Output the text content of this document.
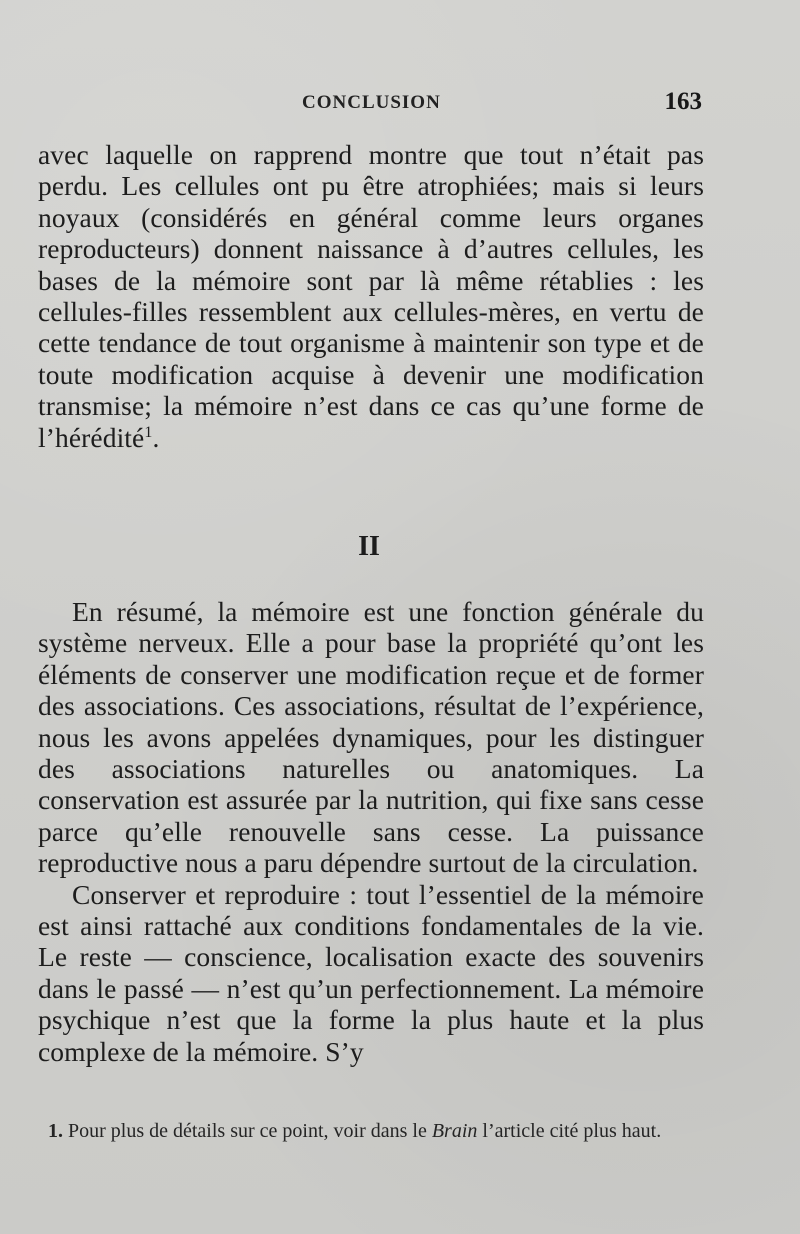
CONCLUSION	163

avec laquelle on rapprend montre que tout n’était pas perdu. Les cellules ont pu être atrophiées; mais si leurs noyaux (considérés en général comme leurs organes reproducteurs) donnent naissance à d’autres cellules, les bases de la mémoire sont par là même rétablies : les cellules-filles ressemblent aux cellules-mères, en vertu de cette tendance de tout organisme à maintenir son type et de toute modification acquise à devenir une modification transmise; la mémoire n’est dans ce cas qu’une forme de l’hérédité$^1$.

II

En résumé, la mémoire est une fonction générale du système nerveux. Elle a pour base la propriété qu’ont les éléments de conserver une modification reçue et de former des associations. Ces associations, résultat de l’expérience, nous les avons appelées dynamiques, pour les distinguer des associations naturelles ou anatomiques. La conservation est assurée par la nutrition, qui fixe sans cesse parce qu’elle renouvelle sans cesse. La puissance reproductive nous a paru dépendre surtout de la circulation.

Conserver et reproduire : tout l’essentiel de la mémoire est ainsi rattaché aux conditions fondamentales de la vie. Le reste — conscience, localisation exacte des souvenirs dans le passé — n’est qu’un perfectionnement. La mémoire psychique n’est que la forme la plus haute et la plus complexe de la mémoire. S’y

1. Pour plus de détails sur ce point, voir dans le Brain l’article cité plus haut.
